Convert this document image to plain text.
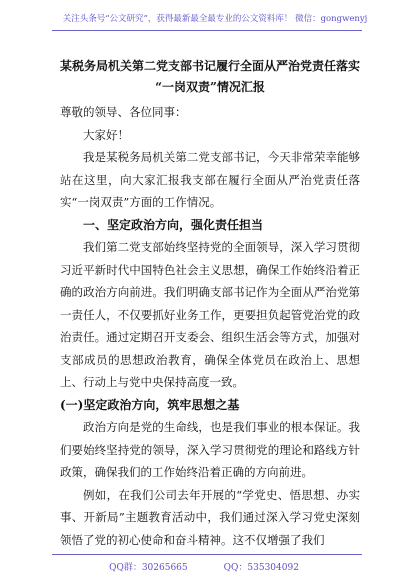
关注头条号“公文研究”，获得最新最全最专业的公文资料库！ 微信：gongwenyj

某税务局机关第二党支部书记履行全面从严治党责任落实

“一岗双责”情况汇报

尊敬的领导、各位同事：

大家好！

我是某税务局机关第二党支部书记，今天非常荣幸能够站在这里，向大家汇报我支部在履行全面从严治党责任落实“一岗双责”方面的工作情况。

一、坚定政治方向，强化责任担当

我们第二党支部始终坚持党的全面领导，深入学习贯彻习近平新时代中国特色社会主义思想，确保工作始终沿着正确的政治方向前进。我们明确支部书记作为全面从严治党第一责任人，不仅要抓好业务工作，更要担负起管党治党的政治责任。通过定期召开支委会、组织生活会等方式，加强对支部成员的思想政治教育，确保全体党员在政治上、思想上、行动上与党中央保持高度一致。

(一)坚定政治方向，筑牢思想之基

政治方向是党的生命线，也是我们事业的根本保证。我们要始终坚持党的领导，深入学习贯彻党的理论和路线方针政策，确保我们的工作始终沿着正确的方向前进。

例如，在我们公司去年开展的“学党史、悟思想、办实事、开新局”主题教育活动中，我们通过深入学习党史深刻领悟了党的初心使命和奋斗精神。这不仅增强了我们

QQ群：30265665	QQ：535304092
